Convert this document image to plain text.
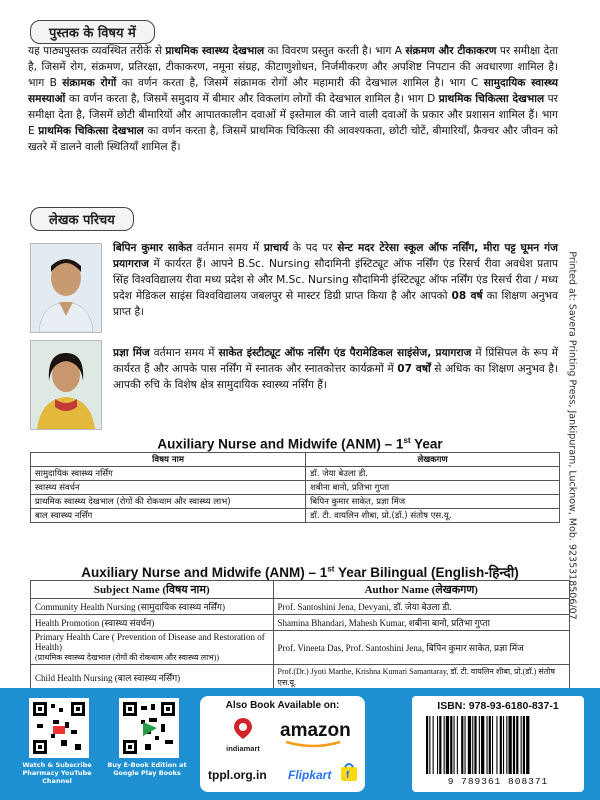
पुस्तक के विषय में
यह पाठ्यपुस्तक व्यवस्थित तरीके से प्राथमिक स्वास्थ्य देखभाल का विवरण प्रस्तुत करती है। भाग A संक्रमण और टीकाकरण पर समीक्षा देता है, जिसमें रोग, संक्रमण, प्रतिरक्षा, टीकाकरण, नमूना संग्रह, कीटाणुशोधन, निर्जमीकरण और अपशिष्ट निपटान की अवधारणा शामिल है। भाग B संक्रामक रोगों का वर्णन करता है, जिसमें संक्रामक रोगों और महामारी की देखभाल शामिल है। भाग C सामुदायिक स्वास्थ्य समस्याओं का वर्णन करता है, जिसमें समुदाय में बीमार और विकलांग लोगों की देखभाल शामिल है। भाग D प्राथमिक चिकित्सा देखभाल पर समीक्षा देता है, जिसमें छोटी बीमारियों और आपातकालीन दवाओं में इस्तेमाल की जाने वाली दवाओं के प्रकार और प्रशासन शामिल हैं। भाग E प्राथमिक चिकित्सा देखभाल का वर्णन करता है, जिसमें प्राथमिक चिकित्सा की आवश्यकता, छोटी चोटें, बीमारियाँ, फ्रैक्चर और जीवन को खतरे में डालने वाली स्थितियाँ शामिल हैं।
लेखक परिचय
बिपिन कुमार साकेत वर्तमान समय में प्राचार्य के पद पर सेन्ट मदर टेरेसा स्कूल ऑफ नर्सिंग, मीरा पट्ट घूमन गंज प्रयागराज में कार्यरत हैं। आपने B.Sc. Nursing सौदामिनी इंस्टिट्यूट ऑफ नर्सिंग एंड रिसर्च रीवा अवधेश प्रताप सिंह विश्वविद्यालय रीवा मध्य प्रदेश से और M.Sc. Nursing सौदामिनी इंस्टिट्यूट ऑफ नर्सिंग एंड रिसर्च रीवा / मध्य प्रदेश मेडिकल साइंस विश्वविद्यालय जबलपुर से मास्टर डिग्री प्राप्त किया है और आपको 08 वर्ष का शिक्षण अनुभव प्राप्त है।
प्रज्ञा मिंज वर्तमान समय में साकेत इंस्टीट्यूट ऑफ नर्सिंग एंड पैरामेडिकल साइंसेज, प्रयागराज में प्रिंसिपल के रूप में कार्यरत हैं और आपके पास नर्सिंग में स्नातक और स्नातकोत्तर कार्यक्रमों में 07 वर्षों से अधिक का शिक्षण अनुभव है। आपकी रुचि के विशेष क्षेत्र सामुदायिक स्वास्थ्य नर्सिंग हैं।	Printed at: Savera Printing Press, Jankipuram, Lucknow, Mob. 9235318506/07
Auxiliary Nurse and Midwife (ANM) – 1st Year
विषय नाम	लेखकगण
सामुदायिक स्वास्थ्य नर्सिंग	डॉ. जेया बेउला डी.
स्वास्थ्य संवर्धन	शबीना बानो, प्रतिभा गुप्ता
प्राथमिक स्वास्थ्य देखभाल (रोगों की रोकथाम और स्वास्थ्य लाभ)	बिपिन कुमार साकेत, प्रज्ञा मिंज
बाल स्वास्थ्य नर्सिंग	डॉ. टी. वायलिन शीबा, प्रो.(डॉ.) संतोष एस.यू.
Auxiliary Nurse and Midwife (ANM) – 1st Year Bilingual (English-हिन्दी)
Subject Name (विषय नाम)	Author Name (लेखकगण)
Community Health Nursing (सामुदायिक स्वास्थ्य नर्सिंग)	Prof. Santoshini Jena, Devyani, डॉ. जेया बेउला डी.
Health Promotion (स्वास्थ्य संवर्धन)	Shamina Bhandari, Mahesh Kumar, शबीना बानो, प्रतिभा गुप्ता

Primary Health Care ( Prevention of Disease and Restoration of Health)
(प्राथमिक स्वास्थ्य देखभाल (रोगों की रोकथाम और स्वास्थ्य लाभ))	Prof. Vineeta Das, Prof. Santoshini Jena, बिपिन कुमार साकेत, प्रज्ञा मिंज
Child Health Nursing (बाल स्वास्थ्य नर्सिंग)	Prof.(Dr.) Jyoti Marthe, Krishna Kumari Samantaray, डॉ. टी. वायलिन शीबा, प्रो.(डॉ.) संतोष एस.यू.
Watch & Subscribe Pharmacy YouTube Channel
Buy E-Book Edition at Google Play Books
Also Book Available on:
indiamart
amazon
tppl.org.in Flipkart f
ISBN: 978-93-6180-837-1
9 789361 808371
